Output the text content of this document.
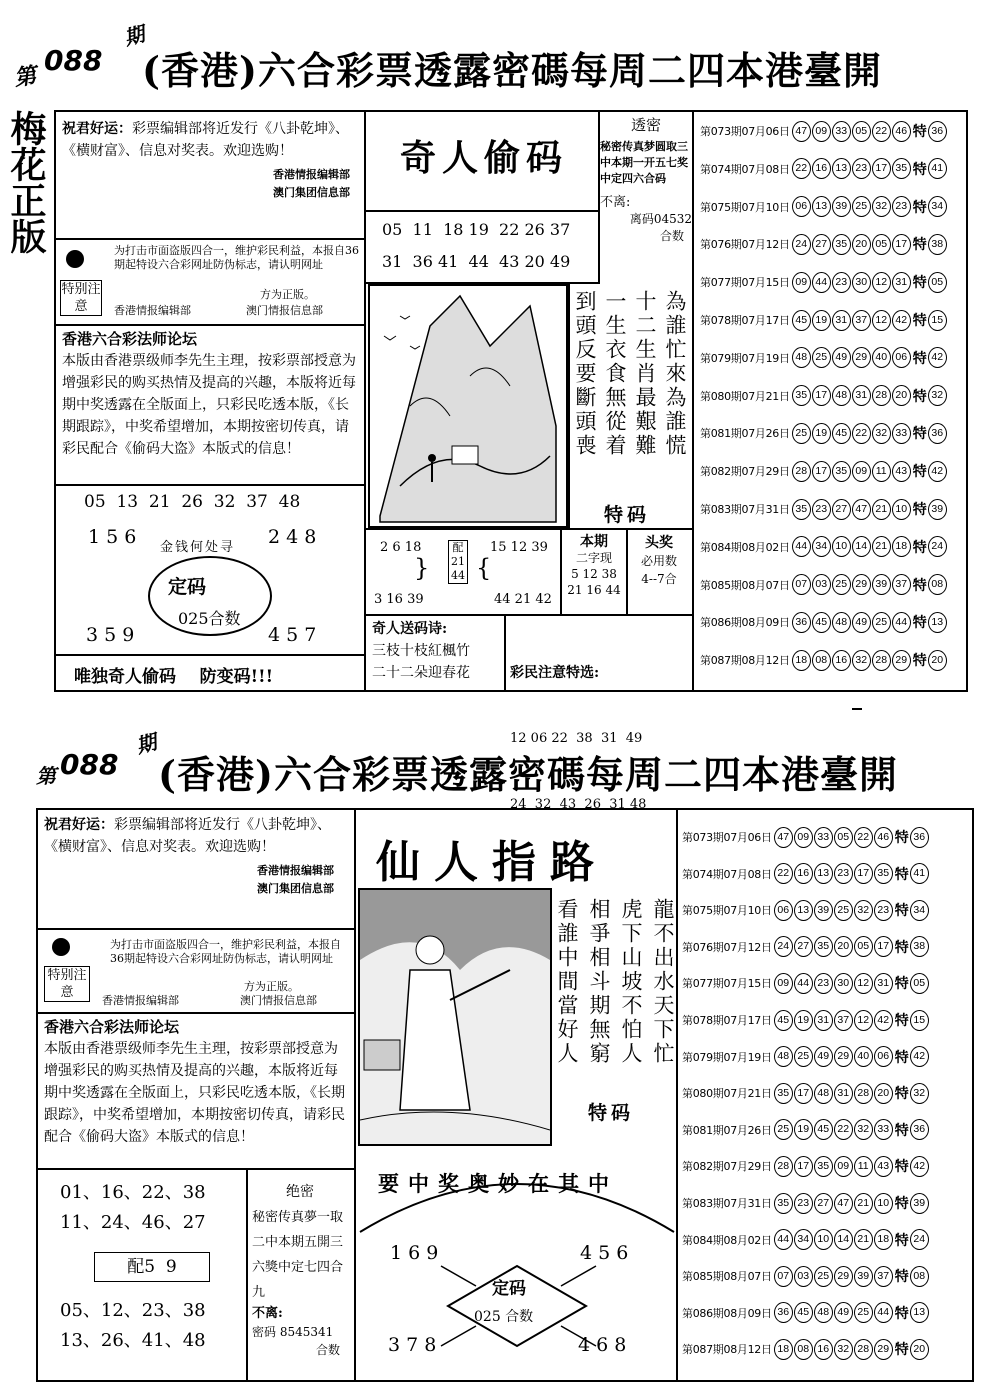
第
088
期
(香港)六合彩票透露密碼每周二四本港臺開
梅花正版 祝君好运：彩票编辑部将近发行《八卦乾坤》、《横财富》、信息对奖表。欢迎选购！
香港情报编辑部
澳门集团信息部
特别注意
为打击市面盗版四合一，维护彩民利益，本报自36期起特设六合彩网址防伪标志，请认明网址
方为正版。
香港情报编辑部	澳门情报信息部
香港六合彩法师论坛
本版由香港票级师李先生主理，按彩票部授意为增强彩民的购买热情及提高的兴趣，本版将近每期中奖透露在全版面上，只彩民吃透本版，《长期跟踪》，中奖希望增加，本期按密切传真，请彩民配合《偷码大盗》本版式的信息！
05  13  21  26  32  37  48
1 5 6	2 4 8
金钱何处寻
定码
025合数
3 5 9	4 5 7
唯独奇人偷码    防变码!!!
奇人偷码
05  11  18 19  22 26 37
31  36 41  44  43 20 49
透密
秘密传真梦圆取三中本期一开五七奖中定四六合码
不离:
离码04532
合数
為誰忙來為誰慌
十二生肖最艱難
一生衣食無從着
到頭反要斷頭喪
特码
2 6 18
3 16 39
}
配
21
44 {
15 12 39
44 21 42
本期
二字现
5 12 38
21 16 44
头奖
必用数
4--7合
奇人送码诗:
三枝十枝紅楓竹
二十二朵迎春花

	彩民注意特选:

12 06 22  38  31  49

24  32  43  26  31 48

第073期07月06日 47 09 33 05 22 46 特 36
第074期07月08日 22 16 13 23 17 35 特 41
第075期07月10日 06 13 39 25 32 23 特 34
第076期07月12日 24 27 35 20 05 17 特 38
第077期07月15日 09 44 23 30 12 31 特 05
第078期07月17日 45 19 31 37 12 42 特 15
第079期07月19日 48 25 49 29 40 06 特 42
第080期07月21日 35 17 48 31 28 20 特 32
第081期07月26日 25 19 45 22 32 33 特 36
第082期07月29日 28 17 35 09 11 43 特 42
第083期07月31日 35 23 27 47 21 10 特 39
第084期08月02日 44 34 10 14 21 18 特 24
第085期08月07日 07 03 25 29 39 37 特 08
第086期08月09日 36 45 48 49 25 44 特 13
第087期08月12日 18 08 16 32 28 29 特 20
第 088
期
(香港)六合彩票透露密碼每周二四本港臺開
祝君好运：彩票编辑部将近发行《八卦乾坤》、《横财富》、信息对奖表。欢迎选购！
香港情报编辑部
澳门集团信息部
特别注意
为打击市面盗版四合一，维护彩民利益，本报自36期起特设六合彩网址防伪标志，请认明网址
方为正版。
香港情报编辑部	澳门情报信息部
香港六合彩法师论坛
本版由香港票级师李先生主理，按彩票部授意为增强彩民的购买热情及提高的兴趣，本版将近每期中奖透露在全版面上，只彩民吃透本版，《长期跟踪》，中奖希望增加，本期按密切传真，请彩民配合《偷码大盗》本版式的信息！
01、16、22、38
11、24、46、27
配5  9
05、12、23、38
13、26、41、48
绝密
秘密传真夢一取二中本期五開三六獎中定七四合九
不离:
密码 8545341
合数
仙人指路
龍不出水天下忙
虎下山坡不怕人
相爭相斗期無窮
看誰中間當好人
特码
要中奖奥妙在其中
1 6 9	4 5 6
定码
025 合数
3 7 8	4 6 8
第073期07月06日 47 09 33 05 22 46 特 36
第074期07月08日 22 16 13 23 17 35 特 41
第075期07月10日 06 13 39 25 32 23 特 34
第076期07月12日 24 27 35 20 05 17 特 38
第077期07月15日 09 44 23 30 12 31 特 05
第078期07月17日 45 19 31 37 12 42 特 15
第079期07月19日 48 25 49 29 40 06 特 42
第080期07月21日 35 17 48 31 28 20 特 32
第081期07月26日 25 19 45 22 32 33 特 36
第082期07月29日 28 17 35 09 11 43 特 42
第083期07月31日 35 23 27 47 21 10 特 39
第084期08月02日 44 34 10 14 21 18 特 24
第085期08月07日 07 03 25 29 39 37 特 08
第086期08月09日 36 45 48 49 25 44 特 13
第087期08月12日 18 08 16 32 28 29 特 20
